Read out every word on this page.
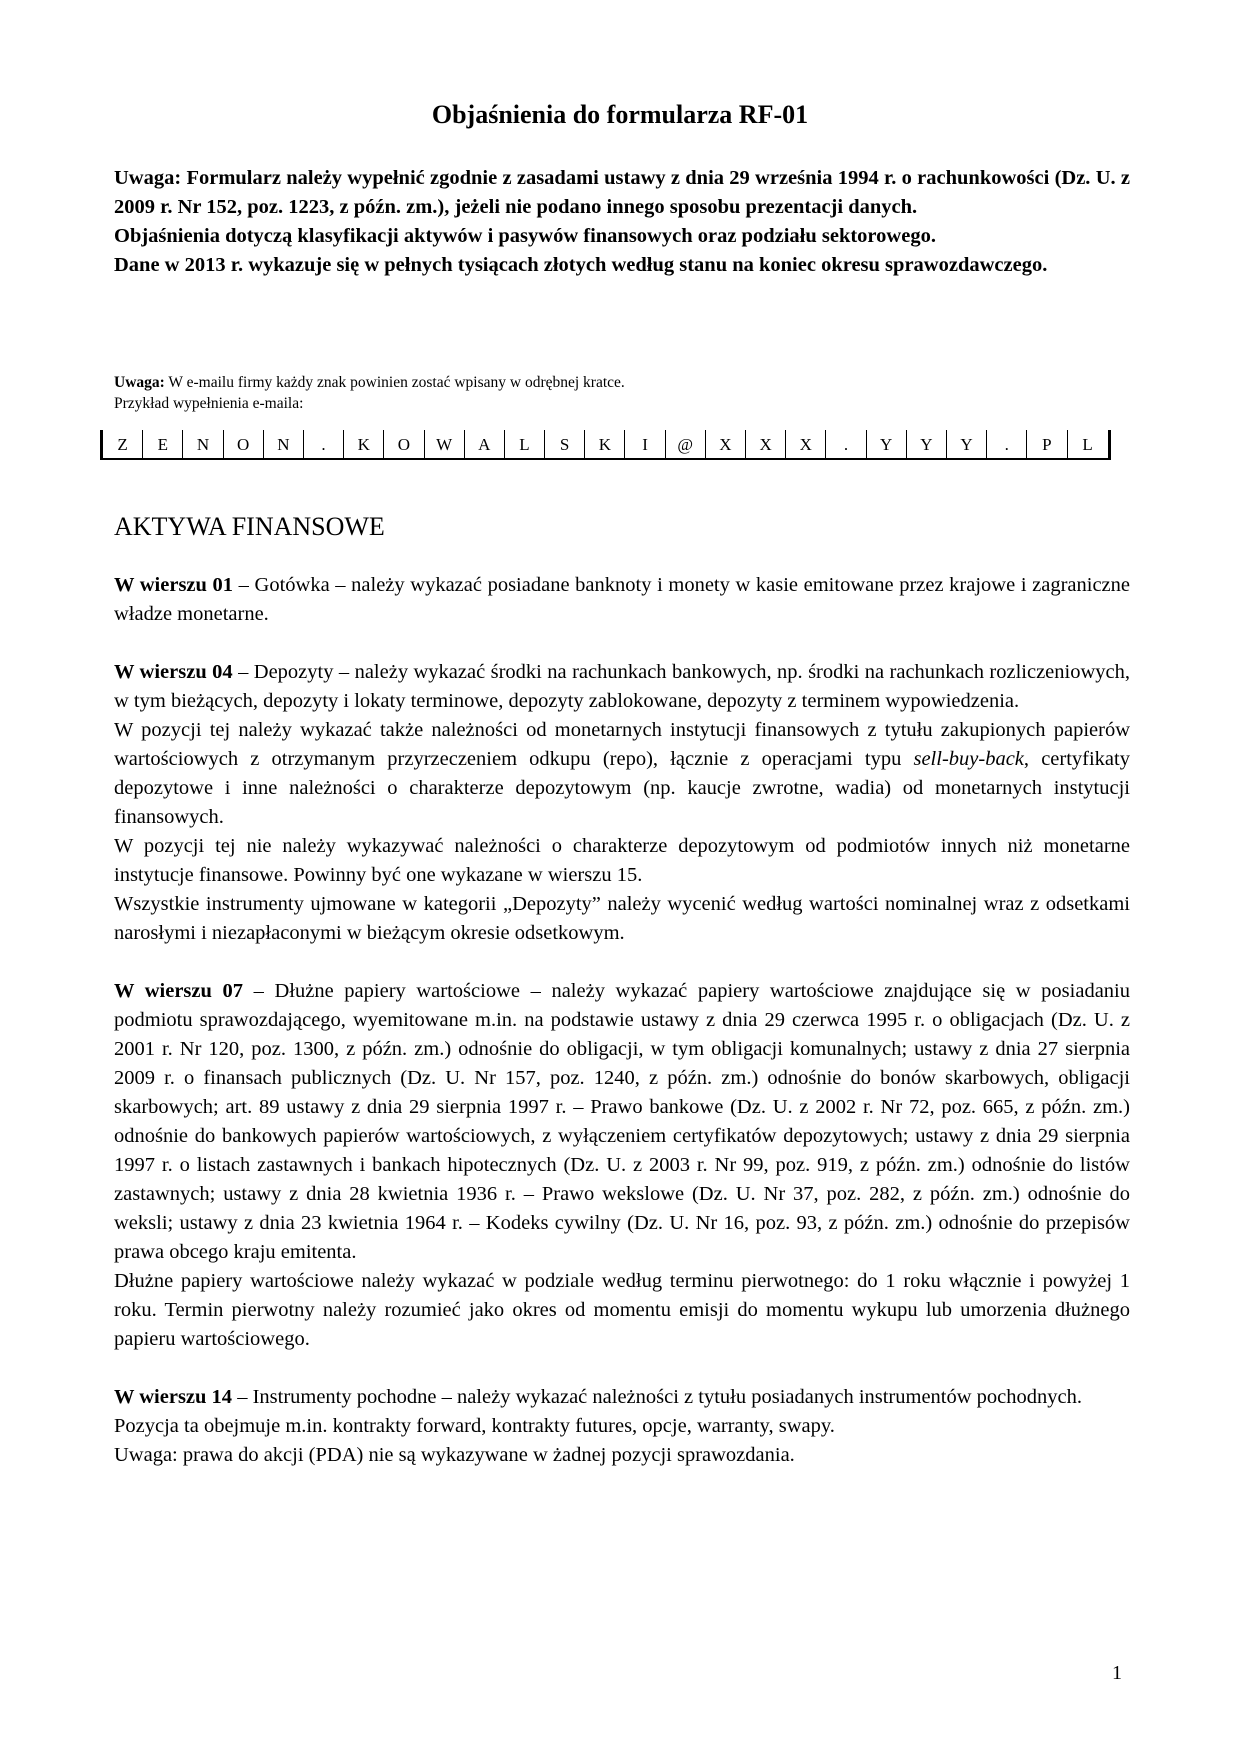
Objaśnienia do formularza RF-01

Uwaga: Formularz należy wypełnić zgodnie z zasadami ustawy z dnia 29 września 1994 r. o rachunkowości (Dz. U. z 2009 r. Nr 152, poz. 1223, z późn. zm.), jeżeli nie podano innego sposobu prezentacji danych.

Objaśnienia dotyczą klasyfikacji aktywów i pasywów finansowych oraz podziału sektorowego.

Dane w 2013 r. wykazuje się w pełnych tysiącach złotych według stanu na koniec okresu sprawozdawczego.

Uwaga: W e-mailu firmy każdy znak powinien zostać wpisany w odrębnej kratce.

Przykład wypełnienia e-maila:

Z	E	N	O	N	.	K	O	W	A	L	S	K	I	@	X	X	X	.	Y	Y	Y	.	P	L
AKTYWA FINANSOWE

W wierszu 01 – Gotówka – należy wykazać posiadane banknoty i monety w kasie emitowane przez krajowe i zagraniczne władze monetarne.

W wierszu 04 – Depozyty – należy wykazać środki na rachunkach bankowych, np. środki na rachunkach rozliczeniowych, w tym bieżących, depozyty i lokaty terminowe, depozyty zablokowane, depozyty z terminem wypowiedzenia.

W pozycji tej należy wykazać także należności od monetarnych instytucji finansowych z tytułu zakupionych papierów wartościowych z otrzymanym przyrzeczeniem odkupu (repo), łącznie z operacjami typu sell-buy-back, certyfikaty depozytowe i inne należności o charakterze depozytowym (np. kaucje zwrotne, wadia) od monetarnych instytucji finansowych.

W pozycji tej nie należy wykazywać należności o charakterze depozytowym od podmiotów innych niż monetarne instytucje finansowe. Powinny być one wykazane w wierszu 15.

Wszystkie instrumenty ujmowane w kategorii „Depozyty” należy wycenić według wartości nominalnej wraz z odsetkami narosłymi i niezapłaconymi w bieżącym okresie odsetkowym.

W wierszu 07 – Dłużne papiery wartościowe – należy wykazać papiery wartościowe znajdujące się w posiadaniu podmiotu sprawozdającego, wyemitowane m.in. na podstawie ustawy z dnia 29 czerwca 1995 r. o obligacjach (Dz. U. z 2001 r. Nr 120, poz. 1300, z późn. zm.) odnośnie do obligacji, w tym obligacji komunalnych; ustawy z dnia 27 sierpnia 2009 r. o finansach publicznych (Dz. U. Nr 157, poz. 1240, z późn. zm.) odnośnie do bonów skarbowych, obligacji skarbowych; art. 89 ustawy z dnia 29 sierpnia 1997 r. – Prawo bankowe (Dz. U. z 2002 r. Nr 72, poz. 665, z późn. zm.) odnośnie do bankowych papierów wartościowych, z wyłączeniem certyfikatów depozytowych; ustawy z dnia 29 sierpnia 1997 r. o listach zastawnych i bankach hipotecznych (Dz. U. z 2003 r. Nr 99, poz. 919, z późn. zm.) odnośnie do listów zastawnych; ustawy z dnia 28 kwietnia 1936 r. – Prawo wekslowe (Dz. U. Nr 37, poz. 282, z późn. zm.) odnośnie do weksli; ustawy z dnia 23 kwietnia 1964 r. – Kodeks cywilny (Dz. U. Nr 16, poz. 93, z późn. zm.) odnośnie do przepisów prawa obcego kraju emitenta.

Dłużne papiery wartościowe należy wykazać w podziale według terminu pierwotnego: do 1 roku włącznie i powyżej 1 roku. Termin pierwotny należy rozumieć jako okres od momentu emisji do momentu wykupu lub umorzenia dłużnego papieru wartościowego.

W wierszu 14 – Instrumenty pochodne – należy wykazać należności z tytułu posiadanych instrumentów pochodnych.

Pozycja ta obejmuje m.in. kontrakty forward, kontrakty futures, opcje, warranty, swapy.

Uwaga: prawa do akcji (PDA) nie są wykazywane w żadnej pozycji sprawozdania.

1
